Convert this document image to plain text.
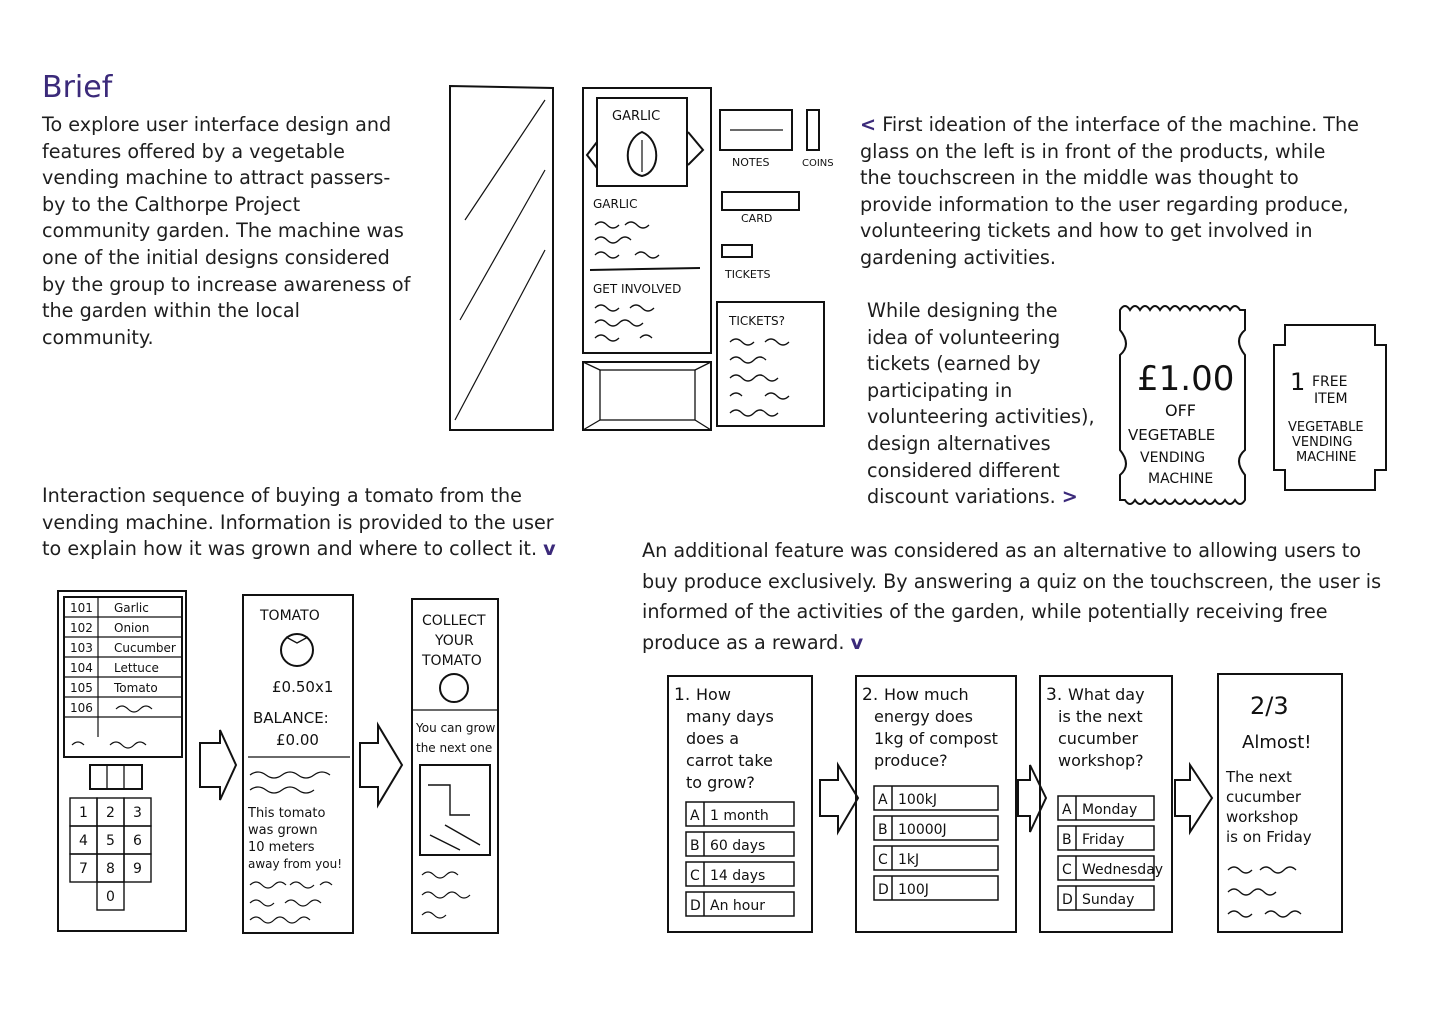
Brief

To explore user interface design and features offered by a vegetable vending machine to attract passers-by to the Calthorpe Project community garden. The machine was one of the initial designs considered by the group to increase awareness of the garden within the local community.

< First ideation of the interface of the machine. The glass on the left is in front of the products, while the touchscreen in the middle was thought to provide information to the user regarding produce, volunteering tickets and how to get involved in gardening activities.

While designing the idea of volunteering tickets (earned by participating in volunteering activities), design alternatives considered different discount variations. >

Interaction sequence of buying a tomato from the vending machine. Information is provided to the user to explain how it was grown and where to collect it. v	An additional feature was considered as an alternative to allowing users to buy produce exclusively. By answering a quiz on the touchscreen, the user is informed of the activities of the garden, while potentially receiving free produce as a reward. v

GARLIC
GARLIC
GET INVOLVED
NOTES	COINS
CARD
TICKETS
TICKETS?
£1.00
OFF
VEGETABLE
VENDING
MACHINE
1 FREE
ITEM
VEGETABLE
VENDING
MACHINE
101 Garlic
102 Onion
103 Cucumber
104 Lettuce
105 Tomato
106
1 2 3
4 5 6
7 8 9
0
TOMATO
£0.50x1
BALANCE:
£0.00
This tomato
was grown
10 meters
away from you!
COLLECT
YOUR
TOMATO
You can grow
the next one
1. How
many days
does a
carrot take
to grow?
A 1 month
B 60 days
C 14 days
D An hour
2. How much
energy does
1kg of compost
produce?
A 100kJ
B 10000J
C 1kJ
D 100J
3. What day
is the next
cucumber
workshop?
A Monday
B Friday
C Wednesday
D Sunday
2/3
Almost!
The next
cucumber
workshop
is on Friday
